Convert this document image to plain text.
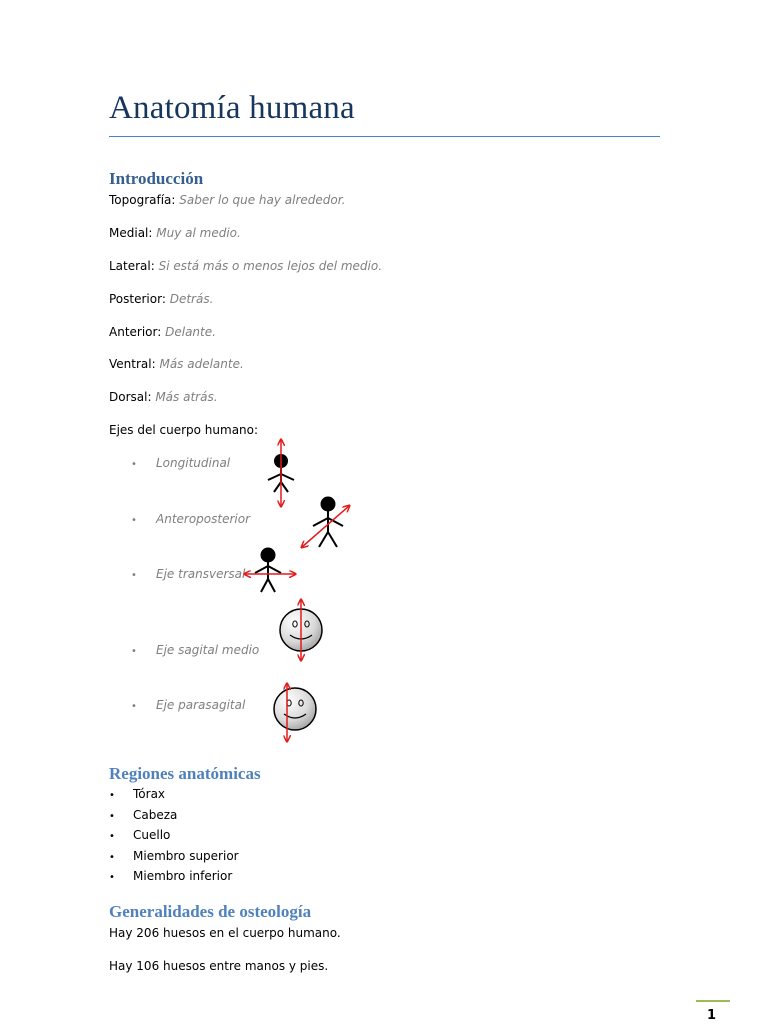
Anatomía humana
Introducción
Topografía: Saber lo que hay alrededor.
Medial: Muy al medio.
Lateral: Si está más o menos lejos del medio.
Posterior: Detrás.
Anterior: Delante.
Ventral: Más adelante.
Dorsal: Más atrás.
Ejes del cuerpo humano:
• Longitudinal
• Anteroposterior
• Eje transversal
• Eje sagital medio
• Eje parasagital
Regiones anatómicas
• Tórax
• Cabeza
• Cuello
• Miembro superior
• Miembro inferior
Generalidades de osteología
Hay 206 huesos en el cuerpo humano.
Hay 106 huesos entre manos y pies.
1
